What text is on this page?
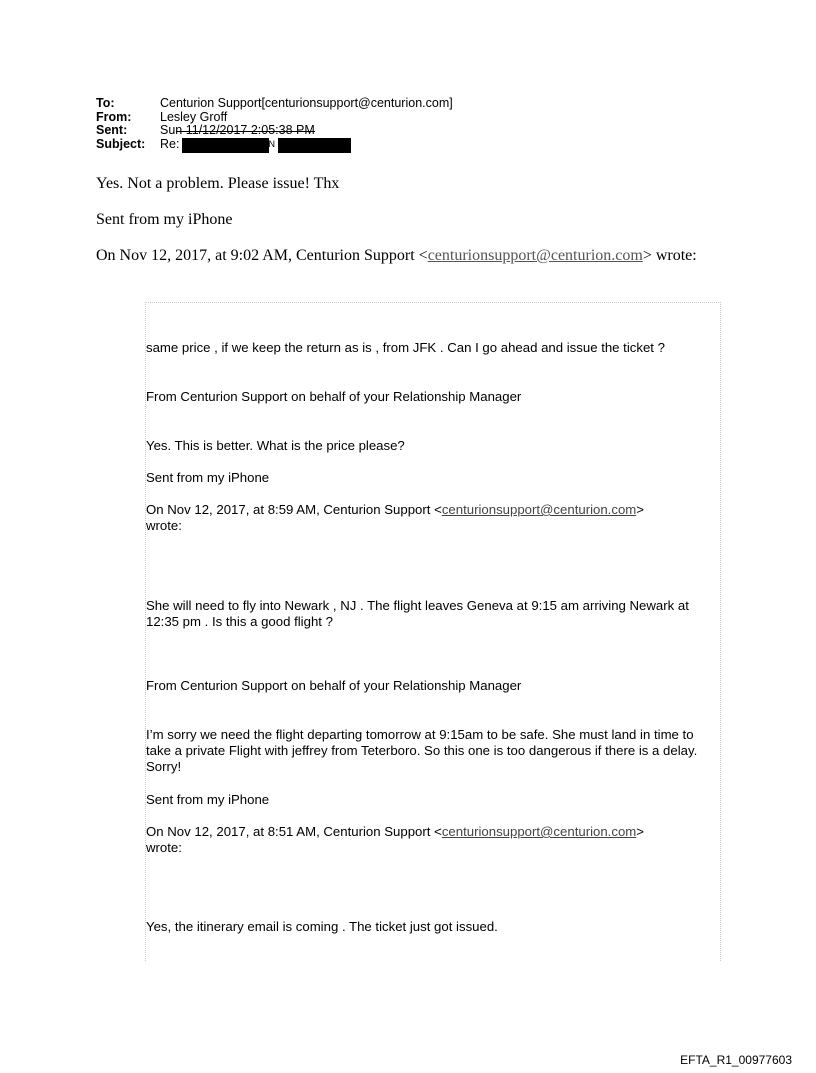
To:	Centurion Support[centurionsupport@centurion.com]
From:	Lesley Groff
Sent:	Sun 11/12/2017 2:05:38 PM
Subject:	Re:	N
Yes. Not a problem. Please issue! Thx
Sent from my iPhone
On Nov 12, 2017, at 9:02 AM, Centurion Support <centurionsupport@centurion.com> wrote:
same price , if we keep the return as is , from JFK . Can I go ahead and issue the ticket ?
From Centurion Support on behalf of your Relationship Manager
Yes. This is better. What is the price please?
Sent from my iPhone
On Nov 12, 2017, at 8:59 AM, Centurion Support <centurionsupport@centurion.com>
wrote:
She will need to fly into Newark , NJ . The flight leaves Geneva at 9:15 am arriving Newark at 12:35 pm . Is this a good flight ?
From Centurion Support on behalf of your Relationship Manager
I’m sorry we need the flight departing tomorrow at 9:15am to be safe. She must land in time to take a private Flight with jeffrey from Teterboro. So this one is too dangerous if there is a delay. Sorry!
Sent from my iPhone
On Nov 12, 2017, at 8:51 AM, Centurion Support <centurionsupport@centurion.com>
wrote:
Yes, the itinerary email is coming . The ticket just got issued.
EFTA_R1_00977603
